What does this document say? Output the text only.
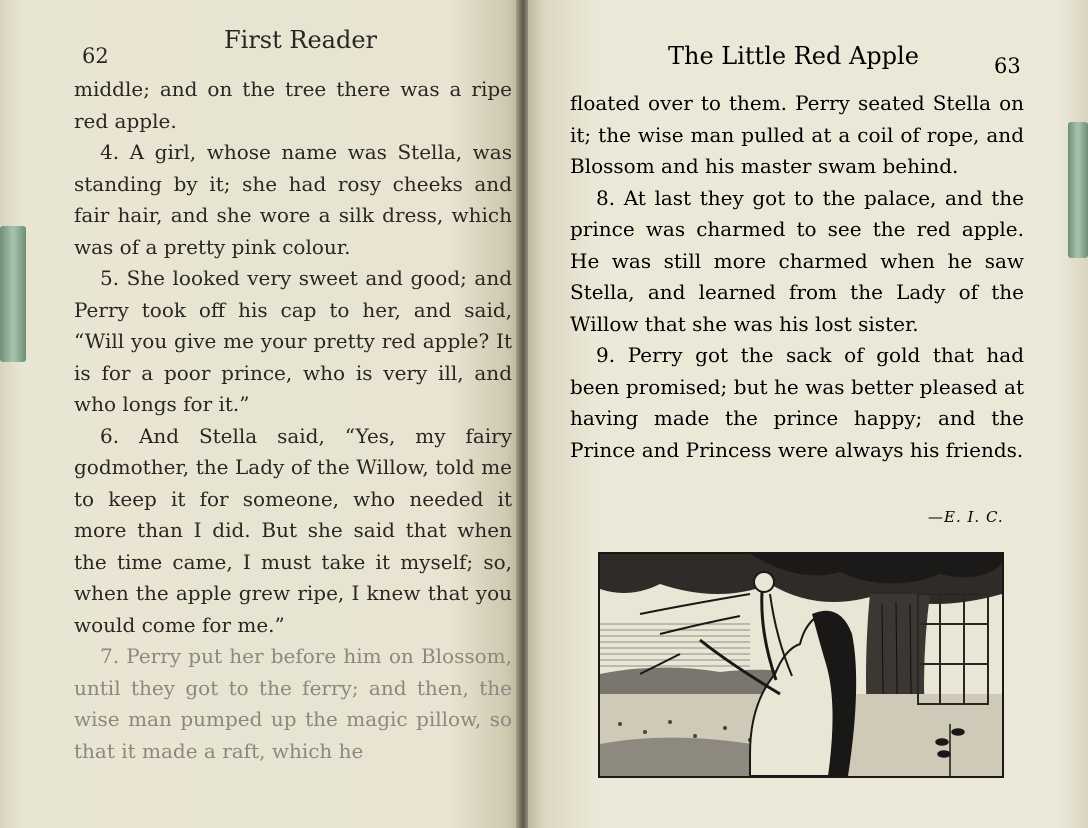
62
First Reader

middle; and on the tree there was a ripe red apple.

4. A girl, whose name was Stella, was standing by it; she had rosy cheeks and fair hair, and she wore a silk dress, which was of a pretty pink colour.

5. She looked very sweet and good; and Perry took off his cap to her, and said, “Will you give me your pretty red apple? It is for a poor prince, who is very ill, and who longs for it.”

6. And Stella said, “Yes, my fairy godmother, the Lady of the Willow, told me to keep it for someone, who needed it more than I did. But she said that when the time came, I must take it myself; so, when the apple grew ripe, I knew that you would come for me.”

7. Perry put her before him on Blossom, until they got to the ferry; and then, the wise man pumped up the magic pillow, so that it made a raft, which he

The Little Red Apple	63

floated over to them. Perry seated Stella on it; the wise man pulled at a coil of rope, and Blossom and his master swam behind.

8. At last they got to the palace, and the prince was charmed to see the red apple. He was still more charmed when he saw Stella, and learned from the Lady of the Willow that she was his lost sister.

9. Perry got the sack of gold that had been promised; but he was better pleased at having made the prince happy; and the Prince and Princess were always his friends.

—E. I. C.
